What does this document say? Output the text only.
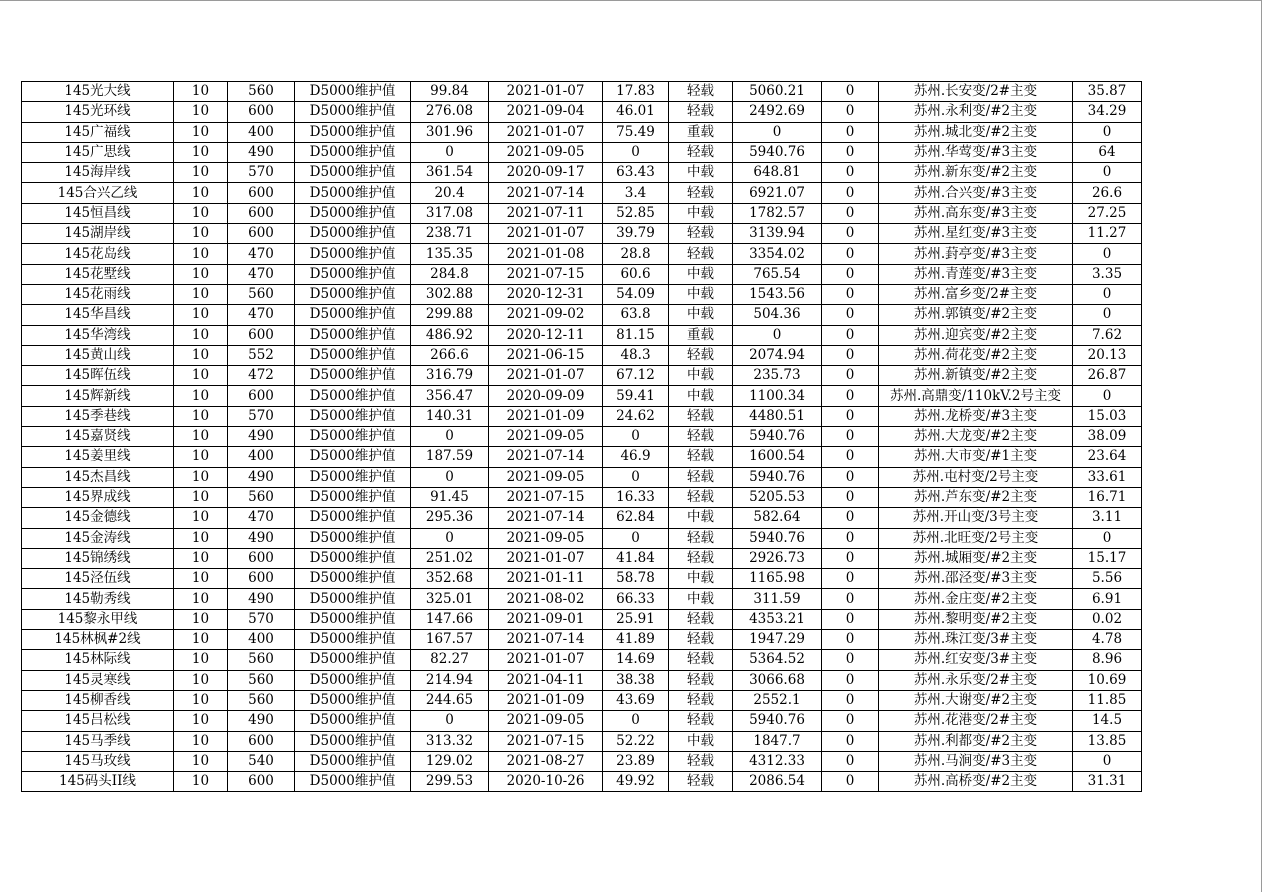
145光大线	10	560	D5000维护值	99.84	2021-01-07	17.83	轻载	5060.21	0	苏州.长安变/2#主变	35.87
145光环线	10	600	D5000维护值	276.08	2021-09-04	46.01	轻载	2492.69	0	苏州.永利变/#2主变	34.29
145广福线	10	400	D5000维护值	301.96	2021-01-07	75.49	重载	0	0	苏州.城北变/#2主变	0
145广思线	10	490	D5000维护值	0	2021-09-05	0	轻载	5940.76	0	苏州.华莺变/#3主变	64
145海岸线	10	570	D5000维护值	361.54	2020-09-17	63.43	中载	648.81	0	苏州.新东变/#2主变	0
145合兴乙线	10	600	D5000维护值	20.4	2021-07-14	3.4	轻载	6921.07	0	苏州.合兴变/#3主变	26.6
145恒昌线	10	600	D5000维护值	317.08	2021-07-11	52.85	中载	1782.57	0	苏州.高东变/#3主变	27.25
145湖岸线	10	600	D5000维护值	238.71	2021-01-07	39.79	轻载	3139.94	0	苏州.星红变/#3主变	11.27
145花岛线	10	470	D5000维护值	135.35	2021-01-08	28.8	轻载	3354.02	0	苏州.葑亭变/#3主变	0
145花墅线	10	470	D5000维护值	284.8	2021-07-15	60.6	中载	765.54	0	苏州.青莲变/#3主变	3.35
145花雨线	10	560	D5000维护值	302.88	2020-12-31	54.09	中载	1543.56	0	苏州.富乡变/2#主变	0
145华昌线	10	470	D5000维护值	299.88	2021-09-02	63.8	中载	504.36	0	苏州.郭镇变/#2主变	0
145华湾线	10	600	D5000维护值	486.92	2020-12-11	81.15	重载	0	0	苏州.迎宾变/#2主变	7.62
145黄山线	10	552	D5000维护值	266.6	2021-06-15	48.3	轻载	2074.94	0	苏州.荷花变/#2主变	20.13
145晖伍线	10	472	D5000维护值	316.79	2021-01-07	67.12	中载	235.73	0	苏州.新镇变/#2主变	26.87
145辉新线	10	600	D5000维护值	356.47	2020-09-09	59.41	中载	1100.34	0	苏州.高鼎变/110kV.2号主变	0
145季巷线	10	570	D5000维护值	140.31	2021-01-09	24.62	轻载	4480.51	0	苏州.龙桥变/#3主变	15.03
145嘉贤线	10	490	D5000维护值	0	2021-09-05	0	轻载	5940.76	0	苏州.大龙变/#2主变	38.09
145姜里线	10	400	D5000维护值	187.59	2021-07-14	46.9	轻载	1600.54	0	苏州.大市变/#1主变	23.64
145杰昌线	10	490	D5000维护值	0	2021-09-05	0	轻载	5940.76	0	苏州.屯村变/2号主变	33.61
145界成线	10	560	D5000维护值	91.45	2021-07-15	16.33	轻载	5205.53	0	苏州.芦东变/#2主变	16.71
145金德线	10	470	D5000维护值	295.36	2021-07-14	62.84	中载	582.64	0	苏州.开山变/3号主变	3.11
145金涛线	10	490	D5000维护值	0	2021-09-05	0	轻载	5940.76	0	苏州.北旺变/2号主变	0
145锦绣线	10	600	D5000维护值	251.02	2021-01-07	41.84	轻载	2926.73	0	苏州.城厢变/#2主变	15.17
145泾伍线	10	600	D5000维护值	352.68	2021-01-11	58.78	中载	1165.98	0	苏州.邵泾变/#3主变	5.56
145勒秀线	10	490	D5000维护值	325.01	2021-08-02	66.33	中载	311.59	0	苏州.金庄变/#2主变	6.91
145黎永甲线	10	570	D5000维护值	147.66	2021-09-01	25.91	轻载	4353.21	0	苏州.黎明变/#2主变	0.02
145林枫#2线	10	400	D5000维护值	167.57	2021-07-14	41.89	轻载	1947.29	0	苏州.珠江变/3#主变	4.78
145林际线	10	560	D5000维护值	82.27	2021-01-07	14.69	轻载	5364.52	0	苏州.红安变/3#主变	8.96
145灵寒线	10	560	D5000维护值	214.94	2021-04-11	38.38	轻载	3066.68	0	苏州.永乐变/2#主变	10.69
145柳香线	10	560	D5000维护值	244.65	2021-01-09	43.69	轻载	2552.1	0	苏州.大谢变/#2主变	11.85
145吕松线	10	490	D5000维护值	0	2021-09-05	0	轻载	5940.76	0	苏州.花港变/2#主变	14.5
145马季线	10	600	D5000维护值	313.32	2021-07-15	52.22	中载	1847.7	0	苏州.利都变/#2主变	13.85
145马玫线	10	540	D5000维护值	129.02	2021-08-27	23.89	轻载	4312.33	0	苏州.马涧变/#3主变	0
145码头II线	10	600	D5000维护值	299.53	2020-10-26	49.92	轻载	2086.54	0	苏州.高桥变/#2主变	31.31
